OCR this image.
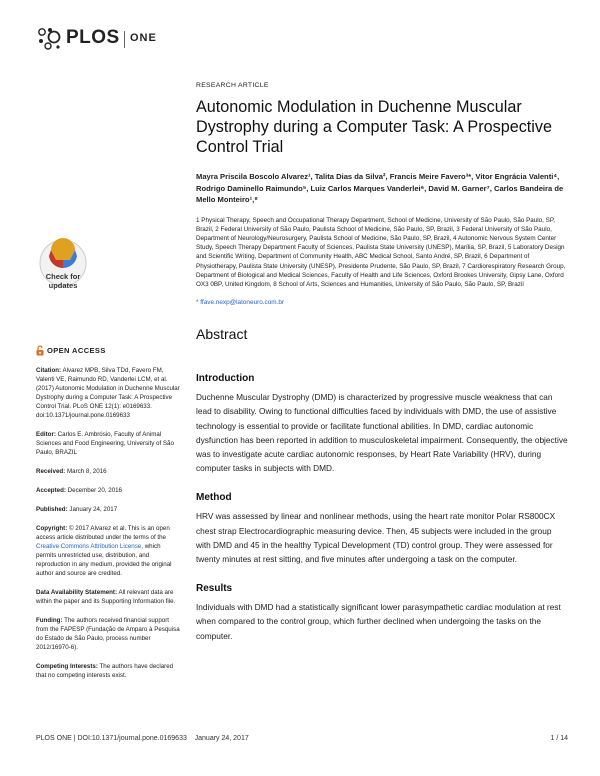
PLOS ONE
Check for updates
OPEN ACCESS

Citation: Alvarez MPB, Silva TDd, Favero FM, Valenti VE, Raimundo RD, Vanderlei LCM, et al. (2017) Autonomic Modulation in Duchenne Muscular Dystrophy during a Computer Task: A Prospective Control Trial. PLoS ONE 12(1): e0169633. doi:10.1371/journal.pone.0169633

Editor: Carlos E. Ambrósio, Faculty of Animal Sciences and Food Engineering, University of São Paulo, BRAZIL

Received: March 8, 2016

Accepted: December 20, 2016

Published: January 24, 2017

Copyright: © 2017 Alvarez et al. This is an open access article distributed under the terms of the Creative Commons Attribution License, which permits unrestricted use, distribution, and reproduction in any medium, provided the original author and source are credited.

Data Availability Statement: All relevant data are within the paper and its Supporting Information file.

Funding: The authors received financial support from the FAPESP (Fundação de Amparo à Pesquisa do Estado de São Paulo, process number 2012/16970-6).

Competing Interests: The authors have declared that no competing interests exist.

RESEARCH ARTICLE
Autonomic Modulation in Duchenne Muscular Dystrophy during a Computer Task: A Prospective Control Trial
Mayra Priscila Boscolo Alvarez¹, Talita Dias da Silva², Francis Meire Favero³*, Vitor Engrácia Valenti⁴, Rodrigo Daminello Raimundo⁵, Luiz Carlos Marques Vanderlei⁶, David M. Garner⁷, Carlos Bandeira de Mello Monteiro¹,⁸
1 Physical Therapy, Speech and Occupational Therapy Department, School of Medicine, University of São Paulo, São Paulo, SP, Brazil, 2 Federal University of São Paulo, Paulista School of Medicine, São Paulo, SP, Brazil, 3 Federal University of São Paulo, Department of Neurology/Neurosurgery, Paulista School of Medicine, São Paulo, SP, Brazil, 4 Autonomic Nervous System Center Study, Speech Therapy Department Faculty of Sciences, Paulista State University (UNESP), Marília, SP, Brazil, 5 Laboratory Design and Scientific Writing, Department of Community Health, ABC Medical School, Santo André, SP, Brazil, 6 Department of Physiotherapy, Paulista State University (UNESP), Presidente Prudente, São Paulo, SP, Brazil, 7 Cardiorespiratory Research Group, Department of Biological and Medical Sciences, Faculty of Health and Life Sciences, Oxford Brookes University, Gipsy Lane, Oxford OX3 0BP, United Kingdom, 8 School of Arts, Sciences and Humanities, University of São Paulo, São Paulo, SP, Brazil
* ffave.nexp@latoneuro.com.br
Abstract
Introduction
Duchenne Muscular Dystrophy (DMD) is characterized by progressive muscle weakness that can lead to disability. Owing to functional difficulties faced by individuals with DMD, the use of assistive technology is essential to provide or facilitate functional abilities. In DMD, cardiac autonomic dysfunction has been reported in addition to musculoskeletal impairment. Consequently, the objective was to investigate acute cardiac autonomic responses, by Heart Rate Variability (HRV), during computer tasks in subjects with DMD.
Method
HRV was assessed by linear and nonlinear methods, using the heart rate monitor Polar RS800CX chest strap Electrocardiographic measuring device. Then, 45 subjects were included in the group with DMD and 45 in the healthy Typical Development (TD) control group. They were assessed for twenty minutes at rest sitting, and five minutes after undergoing a task on the computer.
Results
Individuals with DMD had a statistically significant lower parasympathetic cardiac modulation at rest when compared to the control group, which further declined when undergoing the tasks on the computer.
PLOS ONE | DOI:10.1371/journal.pone.0169633    January 24, 2017	1 / 14
